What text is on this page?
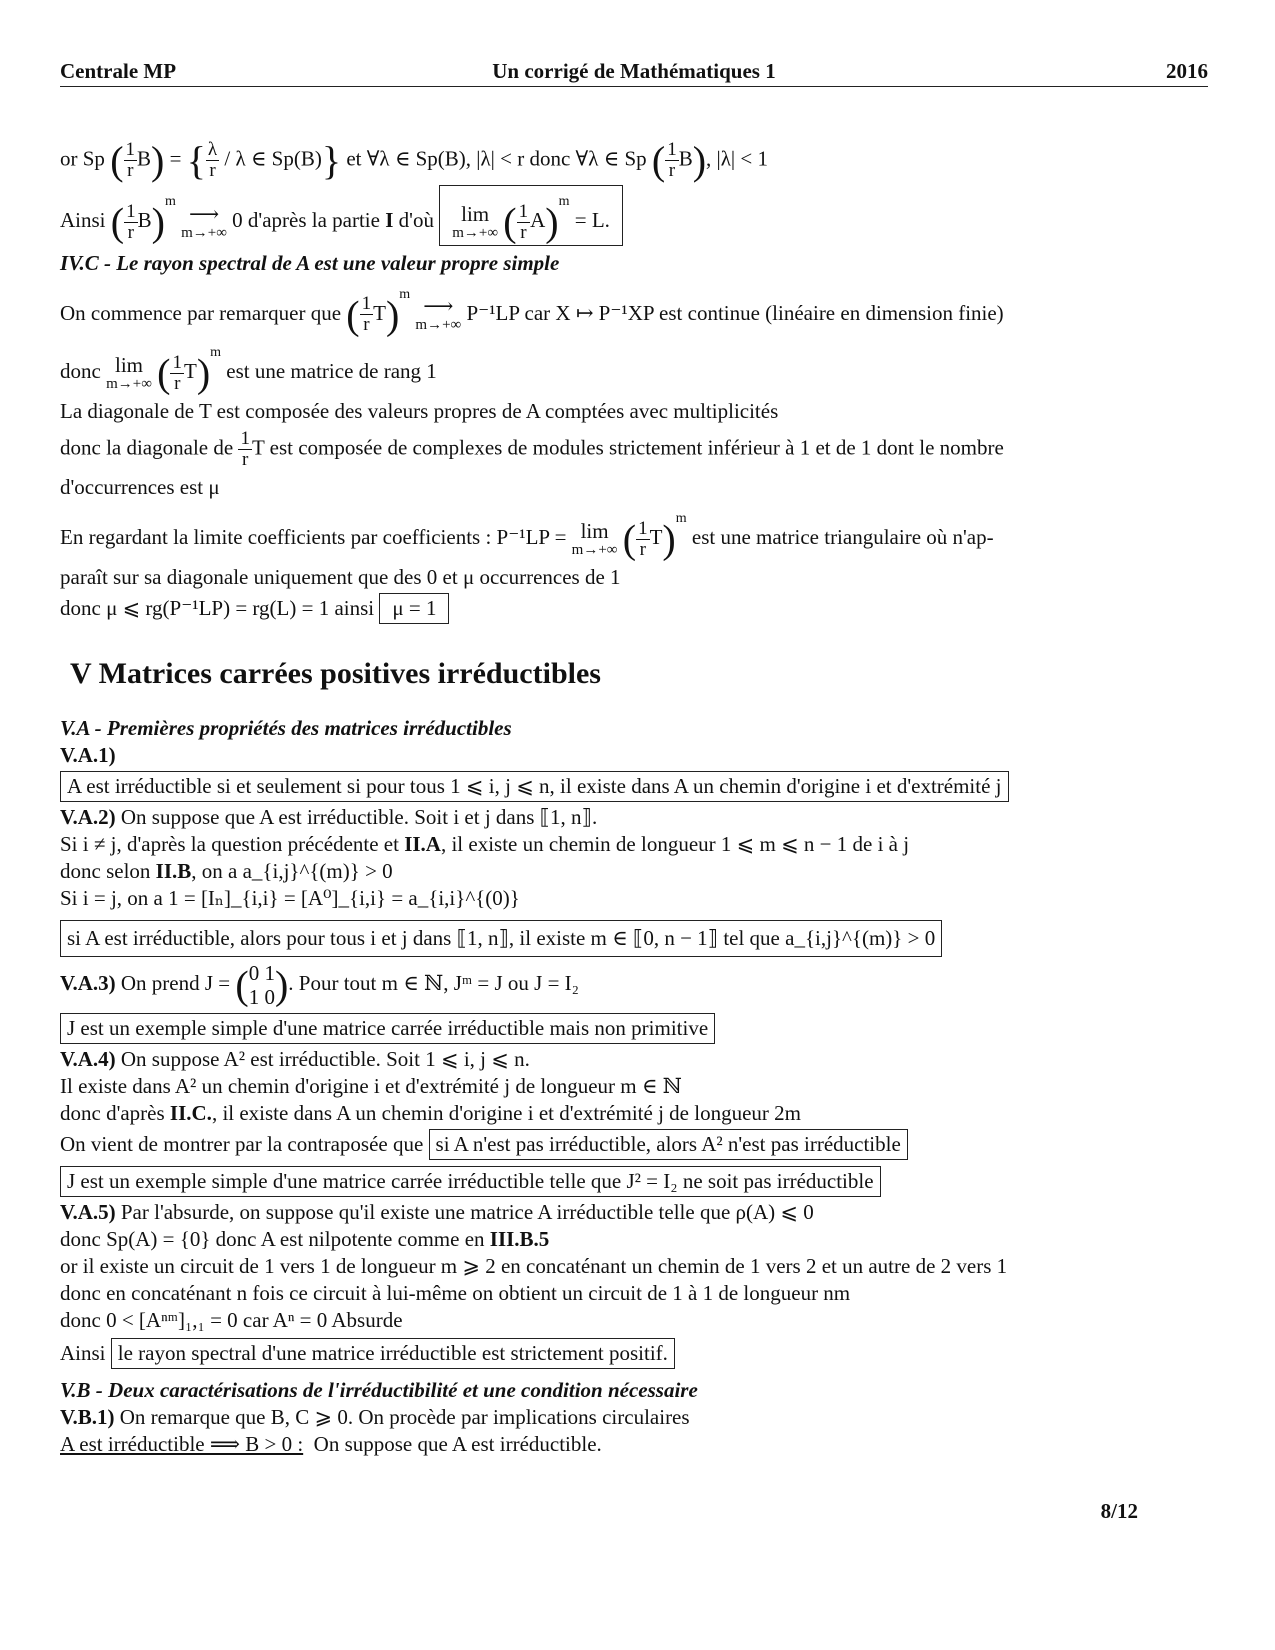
Centrale MP	Un corrigé de Mathématiques 1	2016
or Sp ( $\frac{1}{r} B$) = { $\frac{\lambda}{r}$ / λ ∈ Sp(B)} et ∀λ ∈ Sp(B), |λ| < r donc ∀λ ∈ Sp ( $\frac{1}{r} B$), |λ| < 1
Ainsi ( $\frac{1}{r} B)^m$
⟶
m→+∞ 0 d'après la partie I d'où	lim
m→+∞ ( $\frac{1}{r} A)^m = L$.
IV.C - Le rayon spectral de A est une valeur propre simple
On commence par remarquer que ( $\frac{1}{r} T)^m$
⟶
m→+∞ P⁻¹LP car X ↦ P⁻¹XP est continue (linéaire en dimension finie)
donc lim
m→+∞ ( $\frac{1}{r} T)^m$ est une matrice de rang 1
La diagonale de T est composée des valeurs propres de A comptées avec multiplicités
donc la diagonale de $\frac{1}{r}$ T est composée de complexes de modules strictement inférieur à 1 et de 1 dont le nombre
d'occurrences est μ
En regardant la limite coefficients par coefficients : P⁻¹LP = lim
m→+∞ ( $\frac{1}{r} T)^m$ est une matrice triangulaire où n'ap-
paraît sur sa diagonale uniquement que des 0 et μ occurrences de 1
donc μ ⩽ rg(P⁻¹LP) = rg(L) = 1 ainsi μ = 1
V Matrices carrées positives irréductibles
V.A - Premières propriétés des matrices irréductibles
V.A.1)
A est irréductible si et seulement si pour tous 1 ⩽ i, j ⩽ n, il existe dans A un chemin d'origine i et d'extrémité j
V.A.2) On suppose que A est irréductible. Soit i et j dans ⟦1, n⟧.
Si i ≠ j, d'après la question précédente et II.A, il existe un chemin de longueur 1 ⩽ m ⩽ n − 1 de i à j
donc selon II.B, on a a_{i,j}^{(m)} > 0
Si i = j, on a 1 = [Iₙ]_{i,i} = [A⁰]_{i,i} = a_{i,i}^{(0)}
si A est irréductible, alors pour tous i et j dans ⟦1, n⟧, il existe m ∈ ⟦0, n − 1⟧ tel que a_{i,j}^{(m)} > 0
V.A.3) On prend J = ( 0 1
1 0 ). Pour tout m ∈ ℕ, Jᵐ = J ou J = I₂
J est un exemple simple d'une matrice carrée irréductible mais non primitive
V.A.4) On suppose A² est irréductible. Soit 1 ⩽ i, j ⩽ n.
Il existe dans A² un chemin d'origine i et d'extrémité j de longueur m ∈ ℕ
donc d'après II.C., il existe dans A un chemin d'origine i et d'extrémité j de longueur 2m
On vient de montrer par la contraposée que si A n'est pas irréductible, alors A² n'est pas irréductible
J est un exemple simple d'une matrice carrée irréductible telle que J² = I₂ ne soit pas irréductible
V.A.5) Par l'absurde, on suppose qu'il existe une matrice A irréductible telle que ρ(A) ⩽ 0
donc Sp(A) = {0} donc A est nilpotente comme en III.B.5
or il existe un circuit de 1 vers 1 de longueur m ⩾ 2 en concaténant un chemin de 1 vers 2 et un autre de 2 vers 1
donc en concaténant n fois ce circuit à lui-même on obtient un circuit de 1 à 1 de longueur nm
donc 0 < [Aⁿᵐ]₁,₁ = 0 car Aⁿ = 0 Absurde
Ainsi le rayon spectral d'une matrice irréductible est strictement positif.
V.B - Deux caractérisations de l'irréductibilité et une condition nécessaire
V.B.1) On remarque que B, C ⩾ 0. On procède par implications circulaires
A est irréductible ⟹ B > 0 : On suppose que A est irréductible.
8/12
